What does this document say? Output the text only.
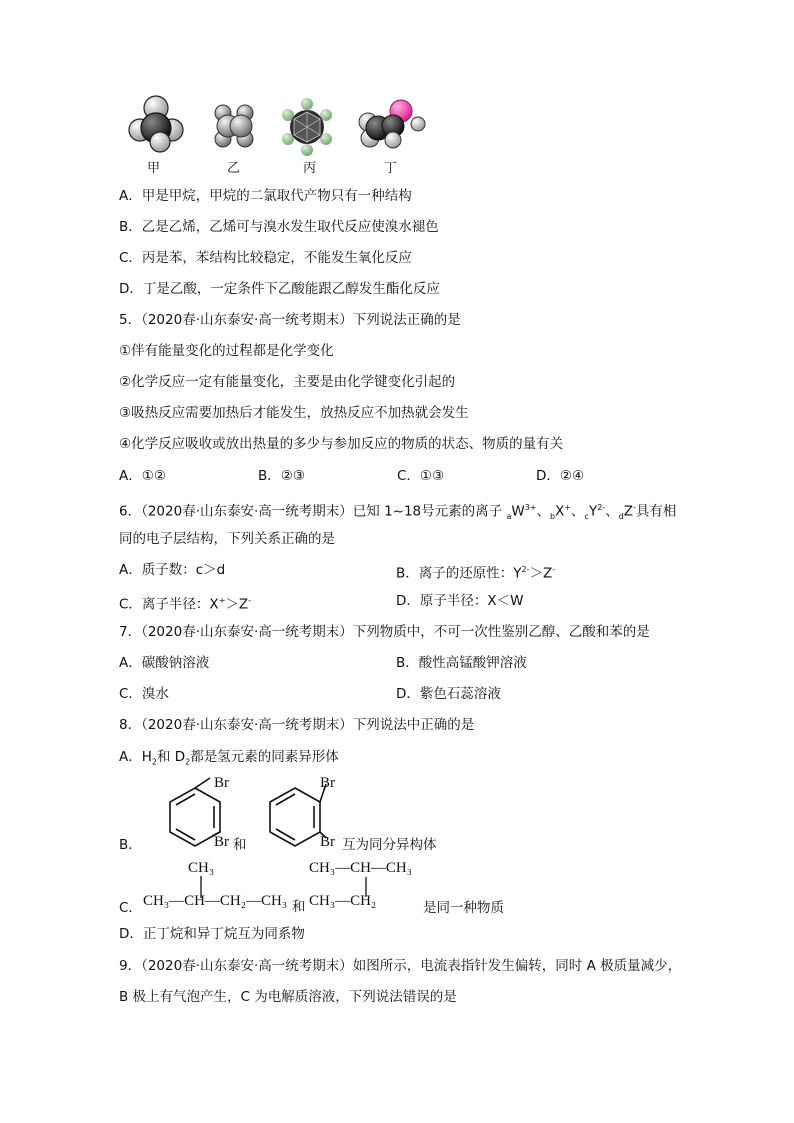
甲	乙	丙	丁
A．甲是甲烷，甲烷的二氯取代产物只有一种结构
B．乙是乙烯，乙烯可与溴水发生取代反应使溴水褪色
C．丙是苯，苯结构比较稳定，不能发生氧化反应
D．丁是乙酸，一定条件下乙酸能跟乙醇发生酯化反应
5．（2020春·山东泰安·高一统考期末）下列说法正确的是
①伴有能量变化的过程都是化学变化
②化学反应一定有能量变化，主要是由化学键变化引起的
③吸热反应需要加热后才能发生，放热反应不加热就会发生
④化学反应吸收或放出热量的多少与参加反应的物质的状态、物质的量有关
A．①②	B．②③	C．①③	D．②④
6．（2020春·山东泰安·高一统考期末）已知 1~18号元素的离子 $_aW^{3+}$、$_b$X+、$_cY^{2-}$、$_d$Z-具有相
同的电子层结构，下列关系正确的是
A．质子数：c＞d	B．离子的还原性：$Y^{2-}>Z^-$
C．离子半径：X+＞Z-	D．原子半径：X＜W
7．（2020春·山东泰安·高一统考期末）下列物质中，不可一次性鉴别乙醇、乙酸和苯的是
A．碳酸钠溶液	B．酸性高锰酸钾溶液
C．溴水	D．紫色石蕊溶液
8．（2020春·山东泰安·高一统考期末）下列说法中正确的是
A．$H_2$和 $D_2$都是氢元素的同素异形体
B．
Br
Br 和
Br
Br 互为同分异构体
C．
CH₃
CH₃—CH—CH₂—CH₃ 和
CH₃—CH—CH₃
CH₃—CH₂	是同一种物质
D．正丁烷和异丁烷互为同系物
9．（2020春·山东泰安·高一统考期末）如图所示，电流表指针发生偏转，同时 A 极质量减少，
B 极上有气泡产生，C 为电解质溶液，下列说法错误的是
